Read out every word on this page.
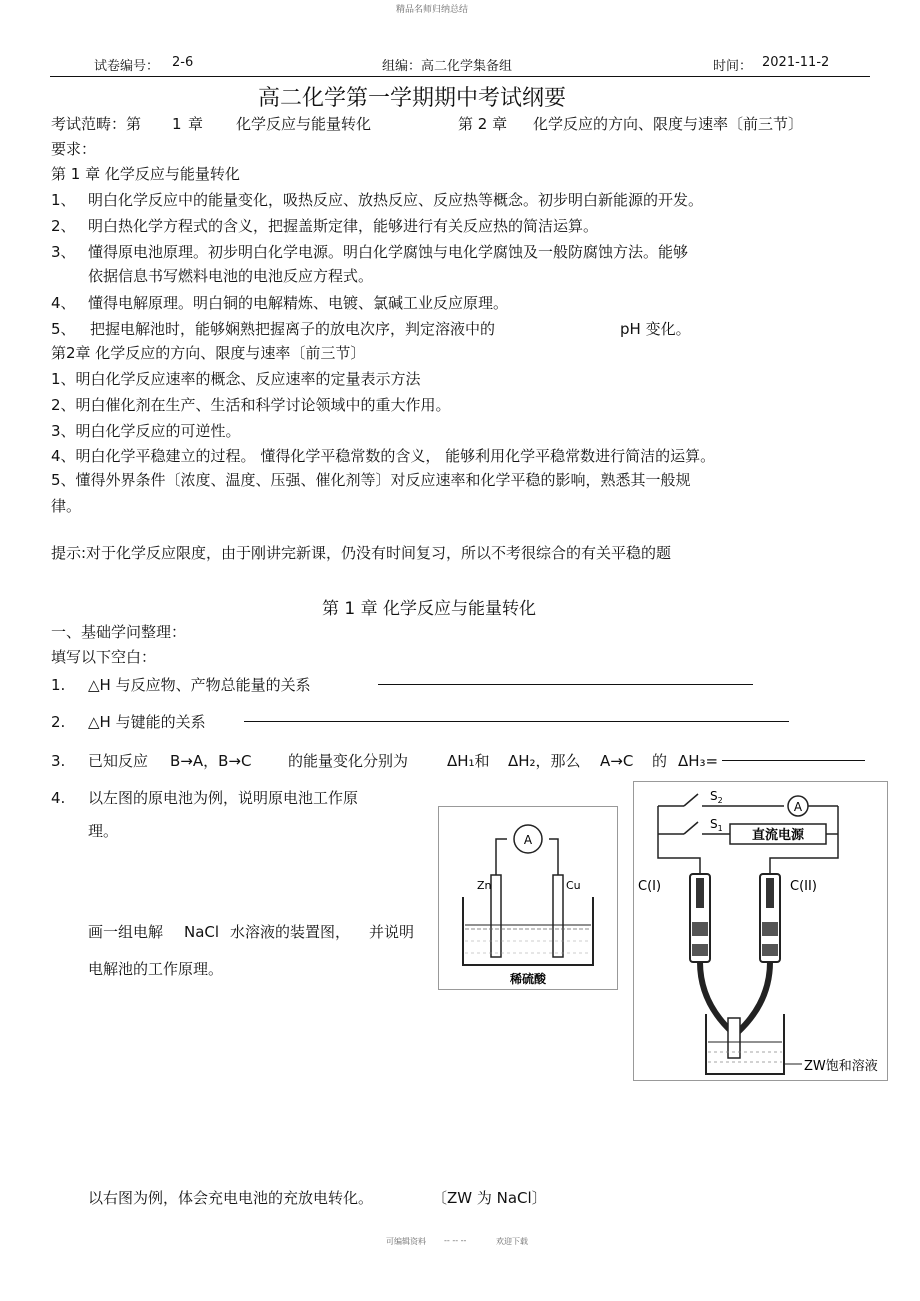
精品名师归纳总结
试卷编号： 2-6	组编：高二化学集备组	时间： 2021-11-2
高二化学第一学期期中考试纲要
考试范畴：第 1 章 化学反应与能量转化	第 2 章 化学反应的方向、限度与速率〔前三节〕
要求：
第 1 章 化学反应与能量转化
1、 明白化学反应中的能量变化，吸热反应、放热反应、反应热等概念。初步明白新能源的开发。
2、 明白热化学方程式的含义，把握盖斯定律，能够进行有关反应热的简洁运算。
3、 懂得原电池原理。初步明白化学电源。明白化学腐蚀与电化学腐蚀及一般防腐蚀方法。能够
依据信息书写燃料电池的电池反应方程式。
4、 懂得电解原理。明白铜的电解精炼、电镀、氯碱工业反应原理。
5、 把握电解池时，能够娴熟把握离子的放电次序，判定溶液中的	pH 变化。
第2章 化学反应的方向、限度与速率〔前三节〕
1、明白化学反应速率的概念、反应速率的定量表示方法
2、明白催化剂在生产、生活和科学讨论领域中的重大作用。
3、明白化学反应的可逆性。
4、明白化学平稳建立的过程。 懂得化学平稳常数的含义， 能够利用化学平稳常数进行简洁的运算。
5、懂得外界条件〔浓度、温度、压强、催化剂等〕对反应速率和化学平稳的影响，熟悉其一般规
律。
提示:对于化学反应限度，由于刚讲完新课，仍没有时间复习，所以不考很综合的有关平稳的题
第 1 章 化学反应与能量转化
一、基础学问整理：
填写以下空白：
1. △H 与反应物、产物总能量的关系
2. △H 与键能的关系
3. 已知反应 B→A，B→C 的能量变化分别为	ΔH₁和 ΔH₂，那么 A→C 的 ΔH₃=
4. 以左图的原电池为例，说明原电池工作原
理。
画一组电解 NaCl 水溶液的装置图， 并说明
电解池的工作原理。
A
Zn	Cu
稀硫酸
A
直流电源
$S_2$
$S_1$
C(I)	C(II)
ZW饱和溶液
以右图为例，体会充电电池的充放电转化。	〔ZW 为 NaCl〕
可编辑资料 -- -- --	欢迎下载
